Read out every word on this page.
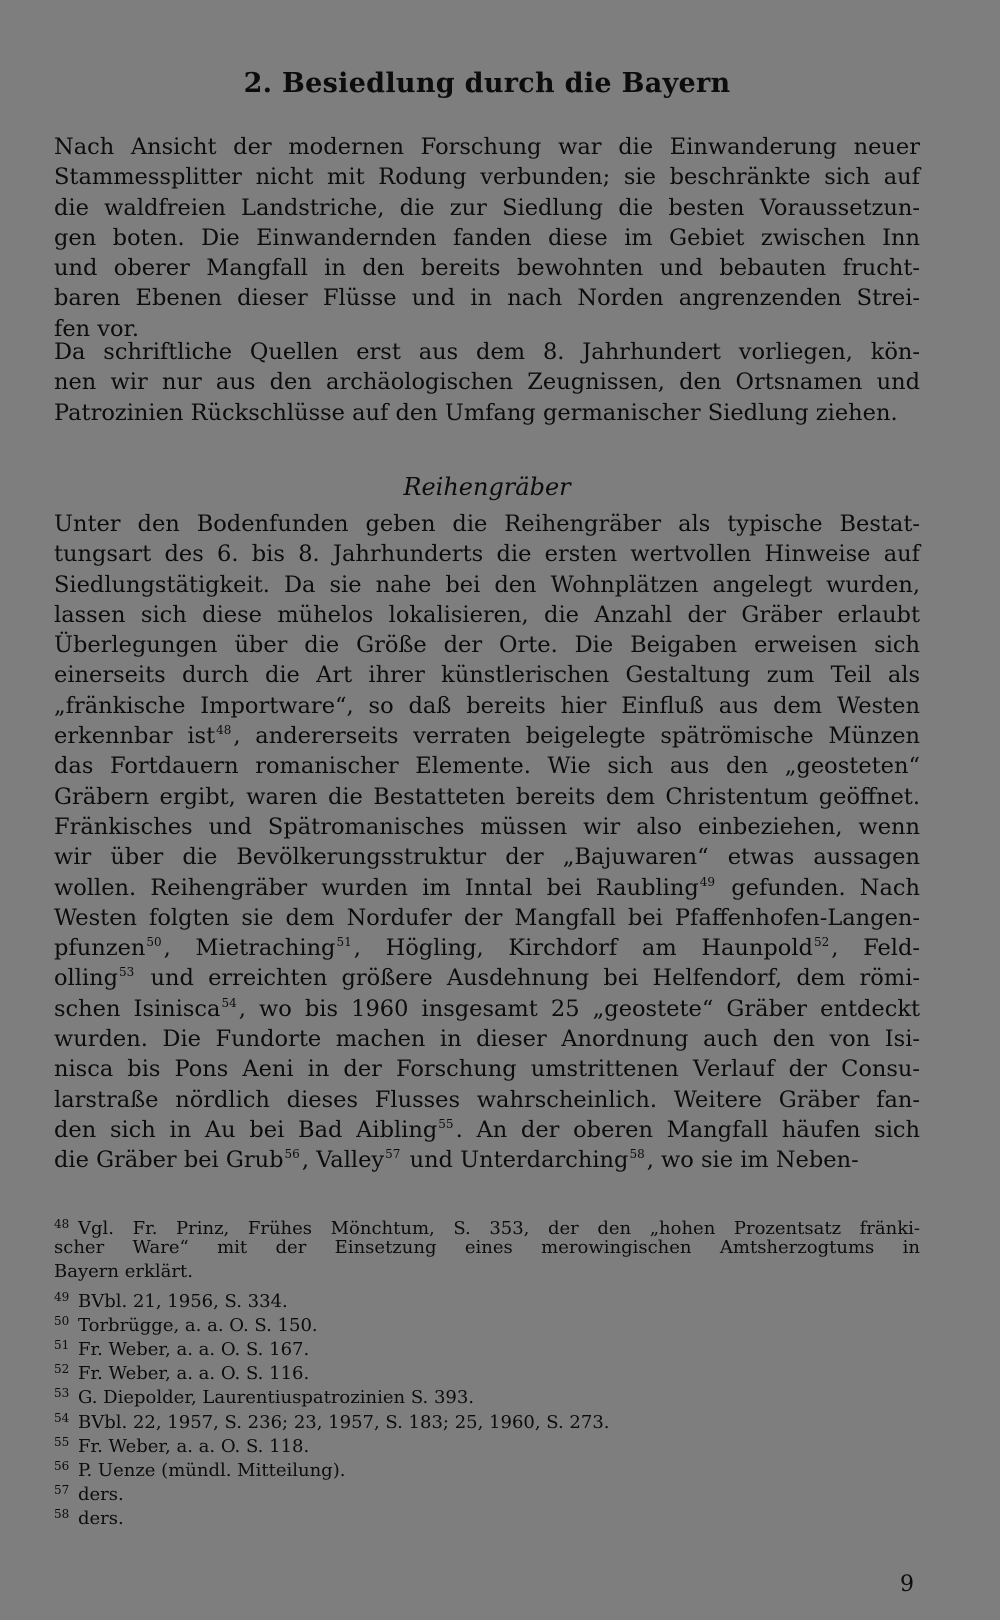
2. Besiedlung durch die Bayern
Nach Ansicht der modernen Forschung war die Einwanderung neuer
Stammessplitter nicht mit Rodung verbunden; sie beschränkte sich auf
die waldfreien Landstriche, die zur Siedlung die besten Voraussetzun-
gen boten. Die Einwandernden fanden diese im Gebiet zwischen Inn
und oberer Mangfall in den bereits bewohnten und bebauten frucht-
baren Ebenen dieser Flüsse und in nach Norden angrenzenden Strei-
fen vor.
Da schriftliche Quellen erst aus dem 8. Jahrhundert vorliegen, kön-
nen wir nur aus den archäologischen Zeugnissen, den Ortsnamen und
Patrozinien Rückschlüsse auf den Umfang germanischer Siedlung ziehen.
Reihengräber
Unter den Bodenfunden geben die Reihengräber als typische Bestat-
tungsart des 6. bis 8. Jahrhunderts die ersten wertvollen Hinweise auf
Siedlungstätigkeit. Da sie nahe bei den Wohnplätzen angelegt wurden,
lassen sich diese mühelos lokalisieren, die Anzahl der Gräber erlaubt
Überlegungen über die Größe der Orte. Die Beigaben erweisen sich
einerseits durch die Art ihrer künstlerischen Gestaltung zum Teil als
„fränkische Importware“, so daß bereits hier Einfluß aus dem Westen
erkennbar ist$^{48}$, andererseits verraten beigelegte spätrömische Münzen
das Fortdauern romanischer Elemente. Wie sich aus den „geosteten“
Gräbern ergibt, waren die Bestatteten bereits dem Christentum geöffnet.
Fränkisches und Spätromanisches müssen wir also einbeziehen, wenn
wir über die Bevölkerungsstruktur der „Bajuwaren“ etwas aussagen
wollen. Reihengräber wurden im Inntal bei Raubling$^{49}$ gefunden. Nach
Westen folgten sie dem Nordufer der Mangfall bei Pfaffenhofen-Langen-
pfunzen$^{50}$, Mietraching$^{51}$, Högling, Kirchdorf am Haunpold$^{52}$, Feld-
olling$^{53}$ und erreichten größere Ausdehnung bei Helfendorf, dem römi-
schen Isinisca$^{54}$, wo bis 1960 insgesamt 25 „geostete“ Gräber entdeckt
wurden. Die Fundorte machen in dieser Anordnung auch den von Isi-
nisca bis Pons Aeni in der Forschung umstrittenen Verlauf der Consu-
larstraße nördlich dieses Flusses wahrscheinlich. Weitere Gräber fan-
den sich in Au bei Bad Aibling$^{55}$. An der oberen Mangfall häufen sich
die Gräber bei Grub$^{56}$, Valley$^{57}$ und Unterdarching$^{58}$, wo sie im Neben-
48 Vgl. Fr. Prinz, Frühes Mönchtum, S. 353, der den „hohen Prozentsatz fränki-
scher Ware“ mit der Einsetzung eines merowingischen Amtsherzogtums in
Bayern erklärt.
49 BVbl. 21, 1956, S. 334.
50 Torbrügge, a. a. O. S. 150.
51 Fr. Weber, a. a. O. S. 167.
52 Fr. Weber, a. a. O. S. 116.
53 G. Diepolder, Laurentiuspatrozinien S. 393.
54 BVbl. 22, 1957, S. 236; 23, 1957, S. 183; 25, 1960, S. 273.
55 Fr. Weber, a. a. O. S. 118.
56 P. Uenze (mündl. Mitteilung).
57 ders.
58 ders.
9
